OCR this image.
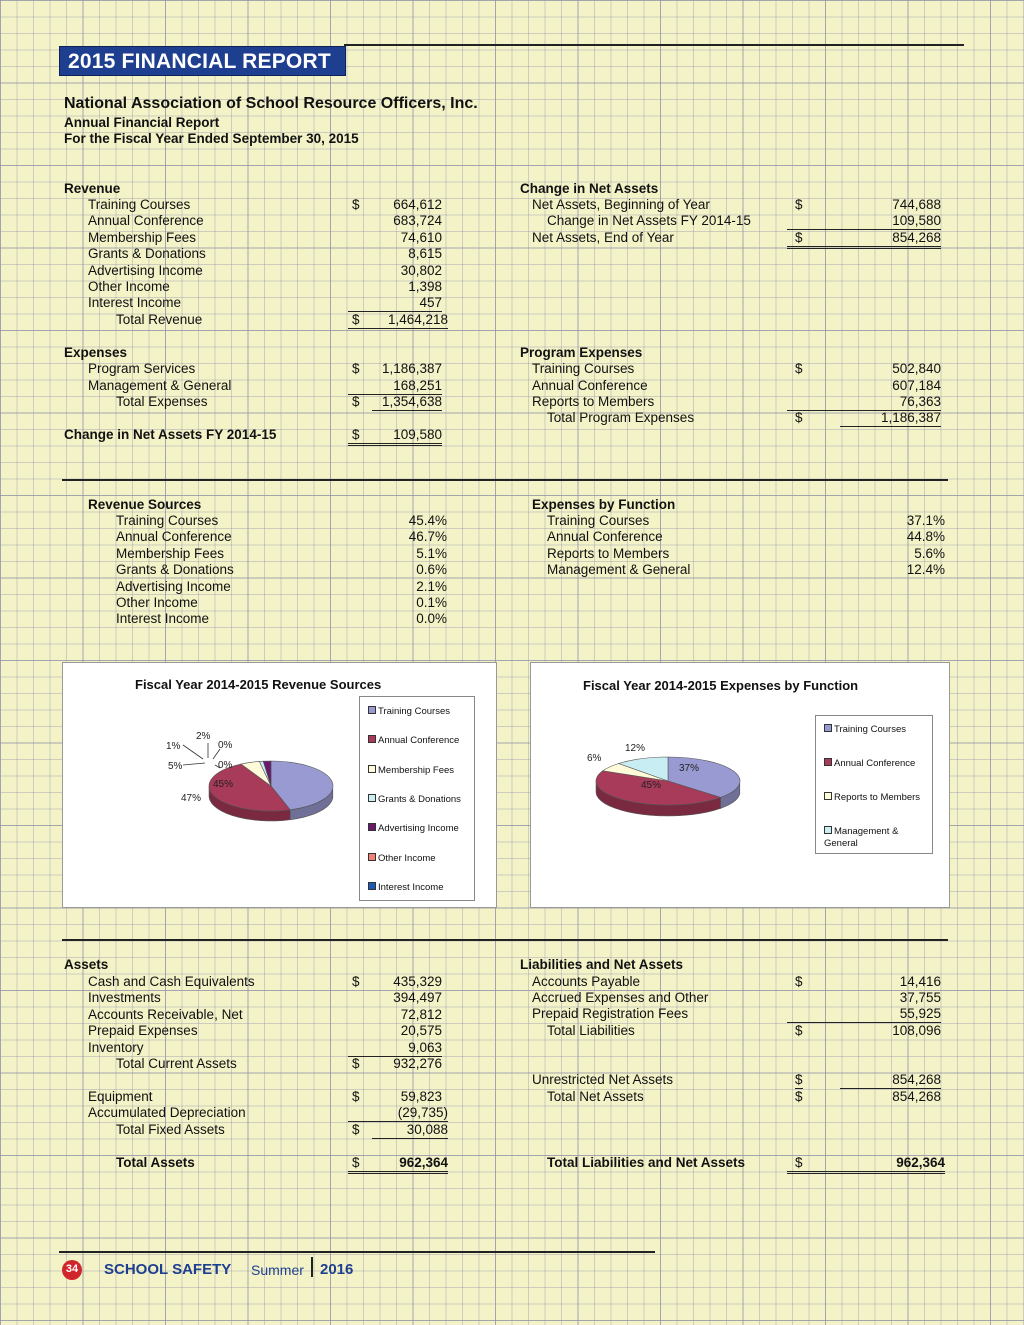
2015 FINANCIAL REPORT
National Association of School Resource Officers, Inc.
Annual Financial Report
For the Fiscal Year Ended September 30, 2015
Revenue
Training Courses	664,612
Annual Conference	683,724
Membership Fees	74,610
Grants & Donations	8,615
Advertising Income	30,802
Other Income	1,398
Interest Income	457
$
Total Revenue	$	1,464,218
Change in Net Assets
Net Assets, Beginning of Year	$	744,688
Change in Net Assets FY 2014-15	109,580
Net Assets, End of Year	$	854,268
Expenses
Program Services	$	1,186,387
Management & General	168,251
Total Expenses	$	1,354,638
Change in Net Assets FY 2014-15	$	109,580
Program Expenses
Training Courses	$	502,840
Annual Conference	607,184
Reports to Members	76,363
Total Program Expenses	$	1,186,387
Revenue Sources
Training Courses	45.4%
Annual Conference	46.7%
Membership Fees	5.1%
Grants & Donations	0.6%
Advertising Income	2.1%
Other Income	0.1%
Interest Income	0.0%
Expenses by Function
Training Courses	37.1%
Annual Conference	44.8%
Reports to Members	5.6%
Management & General	12.4%
Fiscal Year 2014-2015 Revenue Sources
45%
47%
5%
1%
2%
0%
0%
Training Courses
Annual Conference
Membership Fees
Grants & Donations
Advertising Income
Other Income
Interest Income
Fiscal Year 2014-2015 Expenses by Function
37%
45%
6%
12%
Training Courses
Annual Conference
Reports to Members
Management & General
Assets
Cash and Cash Equivalents	435,329
Investments	394,497
Accounts Receivable, Net	72,812
Prepaid Expenses	20,575
Inventory	9,063
$
Total Current Assets	$	932,276
Equipment	$	59,823
Accumulated Depreciation	(29,735)
Total Fixed Assets	$	30,088
Total Assets	$	962,364
Liabilities and Net Assets
Accounts Payable	$	14,416
Accrued Expenses and Other	37,755
Prepaid Registration Fees	55,925
Total Liabilities	$	108,096
Unrestricted Net Assets	$	854,268
Total Net Assets	$	854,268
Total Liabilities and Net Assets	$	962,364
34 SCHOOL SAFETY Summer 2016
